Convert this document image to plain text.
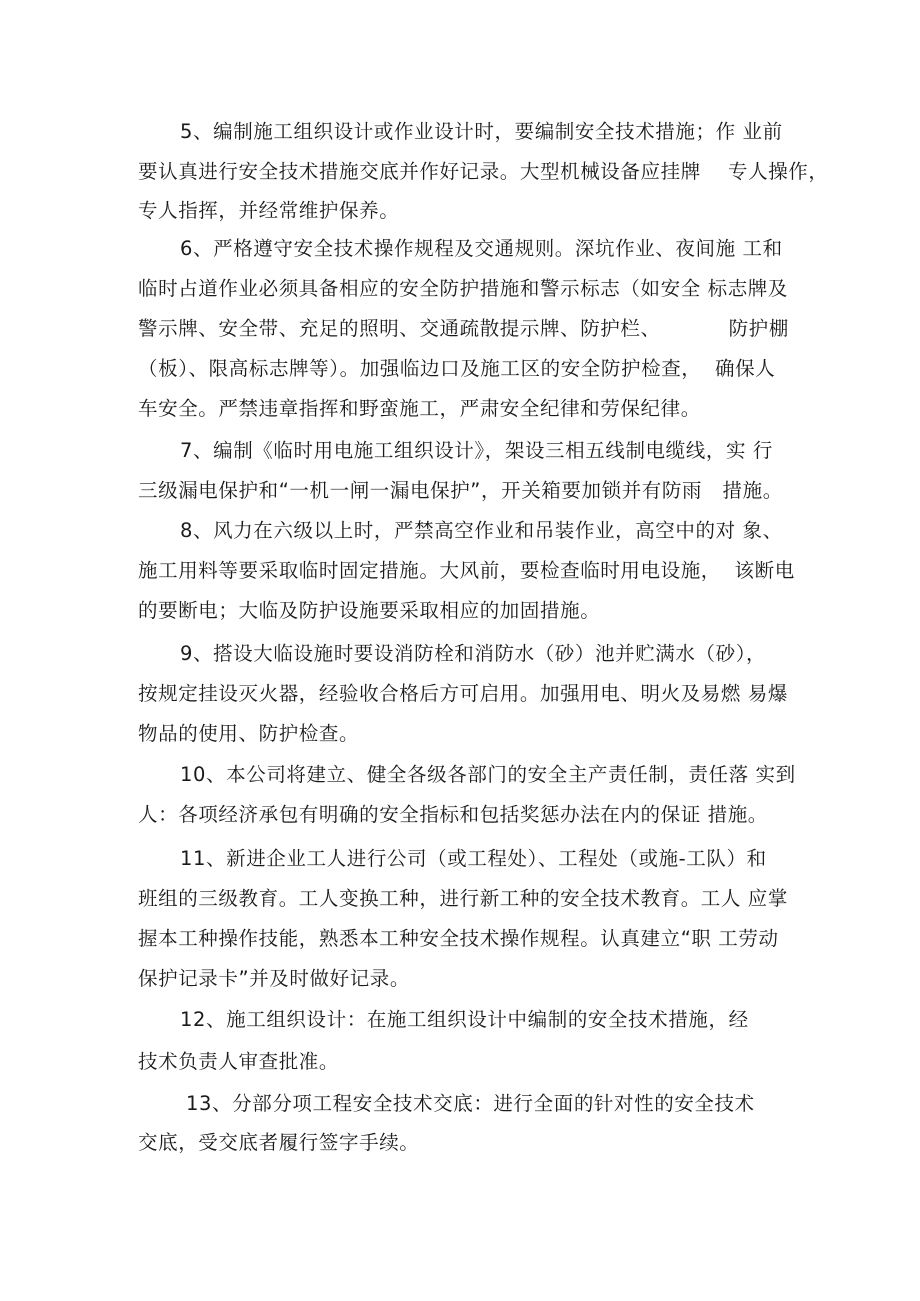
5、编制施工组织设计或作业设计时，要编制安全技术措施；作 业前
要认真进行安全技术措施交底并作好记录。大型机械设备应挂牌    专人操作，
专人指挥，并经常维护保养。
6、严格遵守安全技术操作规程及交通规则。深坑作业、夜间施 工和
临时占道作业必须具备相应的安全防护措施和警示标志（如安全 标志牌及
警示牌、安全带、充足的照明、交通疏散提示牌、防护栏、          防护棚
（板）、限高标志牌等）。加强临边口及施工区的安全防护检查，  确保人
车安全。严禁违章指挥和野蛮施工，严肃安全纪律和劳保纪律。
7、编制《临时用电施工组织设计》，架设三相五线制电缆线，实 行
三级漏电保护和“一机一闸一漏电保护”，开关箱要加锁并有防雨   措施。
8、风力在六级以上时，严禁高空作业和吊装作业，高空中的对 象、
施工用料等要采取临时固定措施。大风前，要检查临时用电设施，  该断电
的要断电；大临及防护设施要采取相应的加固措施。
9、搭设大临设施时要设消防栓和消防水（砂）池并贮满水（砂），
按规定挂设灭火器，经验收合格后方可启用。加强用电、明火及易燃 易爆
物品的使用、防护检查。
10、本公司将建立、健全各级各部门的安全主产责任制，责任落 实到
人：各项经济承包有明确的安全指标和包括奖惩办法在内的保证 措施。
11、新进企业工人进行公司（或工程处）、工程处（或施-工队）和
班组的三级教育。工人变换工种，进行新工种的安全技术教育。工人 应掌
握本工种操作技能，熟悉本工种安全技术操作规程。认真建立“职 工劳动
保护记录卡”并及时做好记录。
12、施工组织设计：在施工组织设计中编制的安全技术措施，经
技术负责人审查批准。
13、分部分项工程安全技术交底：进行全面的针对性的安全技术
交底，受交底者履行签字手续。
